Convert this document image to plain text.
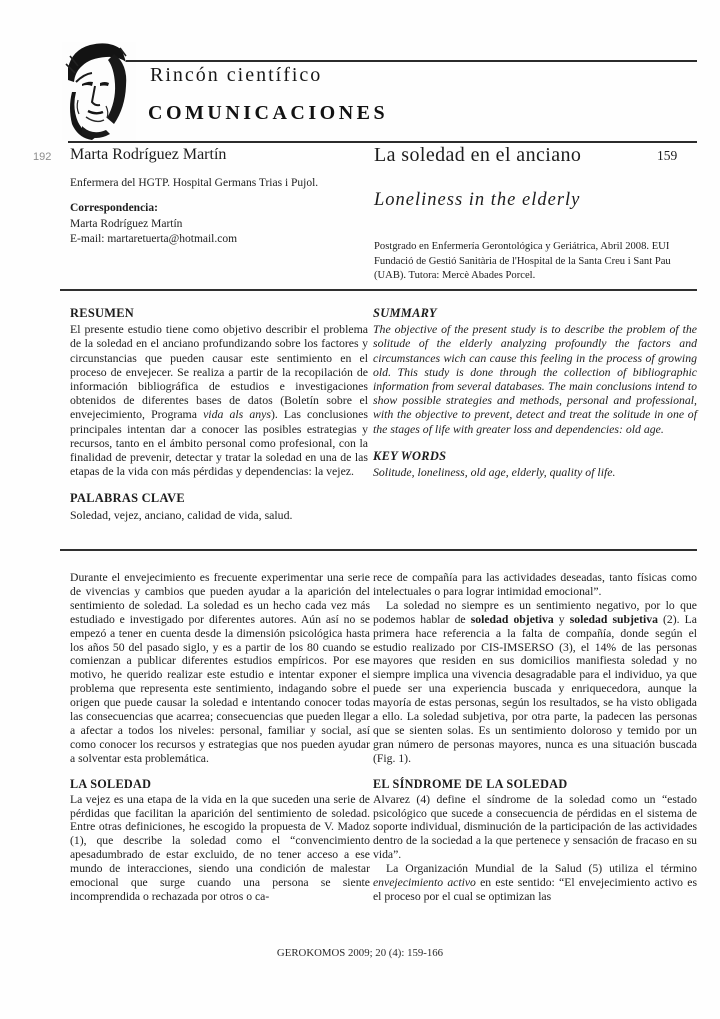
Rincón científico
COMUNICACIONES
192 Marta Rodríguez Martín
Enfermera del HGTP. Hospital Germans Trias i Pujol.
Correspondencia:
Marta Rodríguez Martín
E-mail: martaretuerta@hotmail.com
La soledad en el anciano	159
Loneliness in the elderly
Postgrado en Enfermería Gerontológica y Geriátrica, Abril 2008. EUI Fundació de Gestió Sanitària de l'Hospital de la Santa Creu i Sant Pau (UAB). Tutora: Mercè Abades Porcel.
RESUMEN

El presente estudio tiene como objetivo describir el problema de la soledad en el anciano profundizando sobre los factores y circunstancias que pueden causar este sentimiento en el proceso de envejecer. Se realiza a partir de la recopilación de información bibliográfica de estudios e investigaciones obtenidos de diferentes bases de datos (Boletín sobre el envejecimiento, Programa vida als anys). Las conclusiones principales intentan dar a conocer las posibles estrategias y recursos, tanto en el ámbito personal como profesional, con la finalidad de prevenir, detectar y tratar la soledad en una de las etapas de la vida con más pérdidas y dependencias: la vejez.

PALABRAS CLAVE

Soledad, vejez, anciano, calidad de vida, salud.

SUMMARY

The objective of the present study is to describe the problem of the solitude of the elderly analyzing profoundly the factors and circumstances wich can cause this feeling in the process of growing old. This study is done through the collection of bibliographic information from several databases. The main conclusions intend to show possible strategies and methods, personal and professional, with the objective to prevent, detect and treat the solitude in one of the stages of life with greater loss and dependencies: old age.

KEY WORDS

Solitude, loneliness, old age, elderly, quality of life.

Durante el envejecimiento es frecuente experimentar una serie de vivencias y cambios que pueden ayudar a la aparición del sentimiento de soledad. La soledad es un hecho cada vez más estudiado e investigado por diferentes autores. Aún así no se empezó a tener en cuenta desde la dimensión psicológica hasta los años 50 del pasado siglo, y es a partir de los 80 cuando se comienzan a publicar diferentes estudios empíricos. Por ese motivo, he querido realizar este estudio e intentar exponer el problema que representa este sentimiento, indagando sobre el origen que puede causar la soledad e intentando conocer todas las consecuencias que acarrea; consecuencias que pueden llegar a afectar a todos los niveles: personal, familiar y social, así como conocer los recursos y estrategias que nos pueden ayudar a solventar esta problemática.

LA SOLEDAD

La vejez es una etapa de la vida en la que suceden una serie de pérdidas que facilitan la aparición del sentimiento de soledad. Entre otras definiciones, he escogido la propuesta de V. Madoz (1), que describe la soledad como el “convencimiento apesadumbrado de estar excluido, de no tener acceso a ese mundo de interacciones, siendo una condición de malestar emocional que surge cuando una persona se siente incomprendida o rechazada por otros o ca-

rece de compañía para las actividades deseadas, tanto físicas como intelectuales o para lograr intimidad emocional”.

La soledad no siempre es un sentimiento negativo, por lo que podemos hablar de soledad objetiva y soledad subjetiva (2). La primera hace referencia a la falta de compañía, donde según el estudio realizado por CIS-IMSERSO (3), el 14% de las personas mayores que residen en sus domicilios manifiesta soledad y no siempre implica una vivencia desagradable para el individuo, ya que puede ser una experiencia buscada y enriquecedora, aunque la mayoría de estas personas, según los resultados, se ha visto obligada a ello. La soledad subjetiva, por otra parte, la padecen las personas que se sienten solas. Es un sentimiento doloroso y temido por un gran número de personas mayores, nunca es una situación buscada (Fig. 1).

EL SÍNDROME DE LA SOLEDAD

Alvarez (4) define el síndrome de la soledad como un “estado psicológico que sucede a consecuencia de pérdidas en el sistema de soporte individual, disminución de la participación de las actividades dentro de la sociedad a la que pertenece y sensación de fracaso en su vida”.

La Organización Mundial de la Salud (5) utiliza el término envejecimiento activo en este sentido: “El envejecimiento activo es el proceso por el cual se optimizan las

GEROKOMOS 2009; 20 (4): 159-166
